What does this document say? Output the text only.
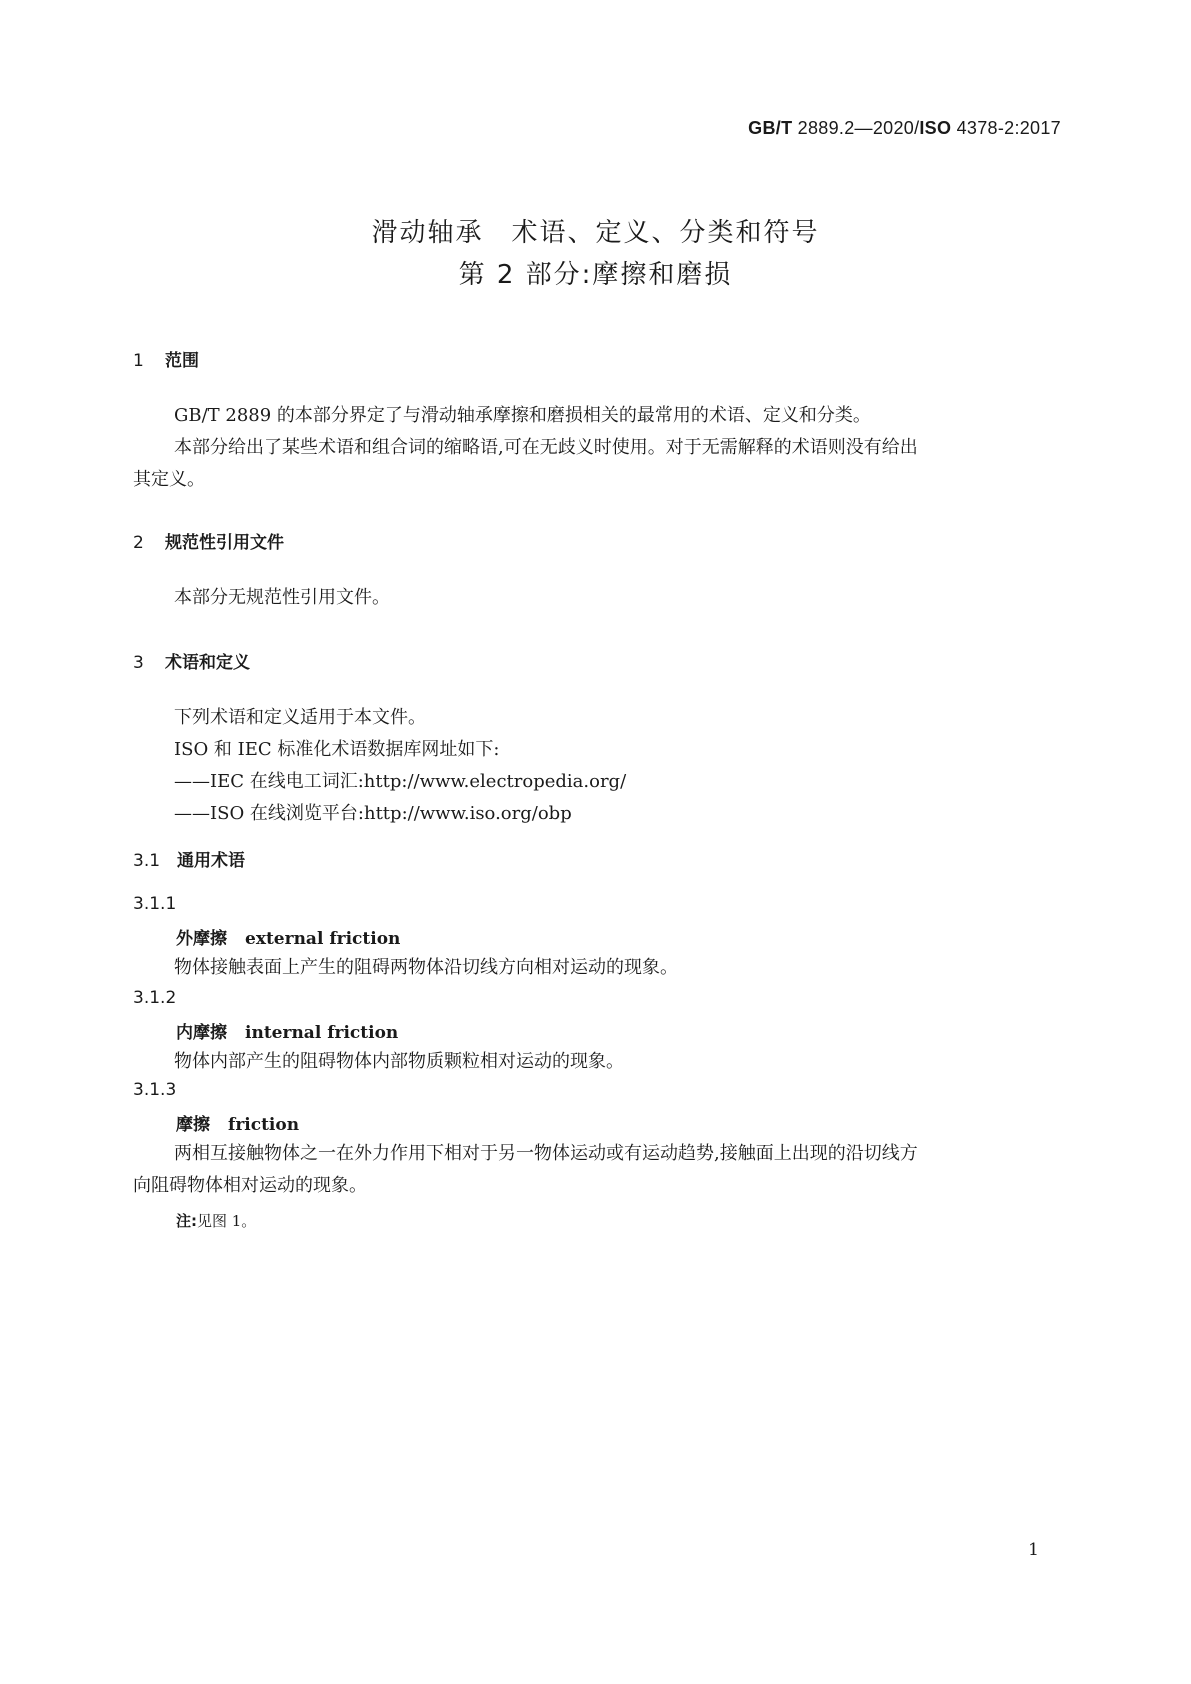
GB/T 2889.2—2020/ISO 4378-2:2017
滑动轴承　术语、定义、分类和符号
第 2 部分:摩擦和磨损
1 范围
GB/T 2889 的本部分界定了与滑动轴承摩擦和磨损相关的最常用的术语、定义和分类。
本部分给出了某些术语和组合词的缩略语,可在无歧义时使用。对于无需解释的术语则没有给出
其定义。
2 规范性引用文件
本部分无规范性引用文件。
3 术语和定义
下列术语和定义适用于本文件。
ISO 和 IEC 标准化术语数据库网址如下:
——IEC 在线电工词汇:http://www.electropedia.org/
——ISO 在线浏览平台:http://www.iso.org/obp
3.1 通用术语
3.1.1
外摩擦 external friction
物体接触表面上产生的阻碍两物体沿切线方向相对运动的现象。
3.1.2
内摩擦 internal friction
物体内部产生的阻碍物体内部物质颗粒相对运动的现象。
3.1.3
摩擦 friction
两相互接触物体之一在外力作用下相对于另一物体运动或有运动趋势,接触面上出现的沿切线方
向阻碍物体相对运动的现象。
注:见图 1。
1
